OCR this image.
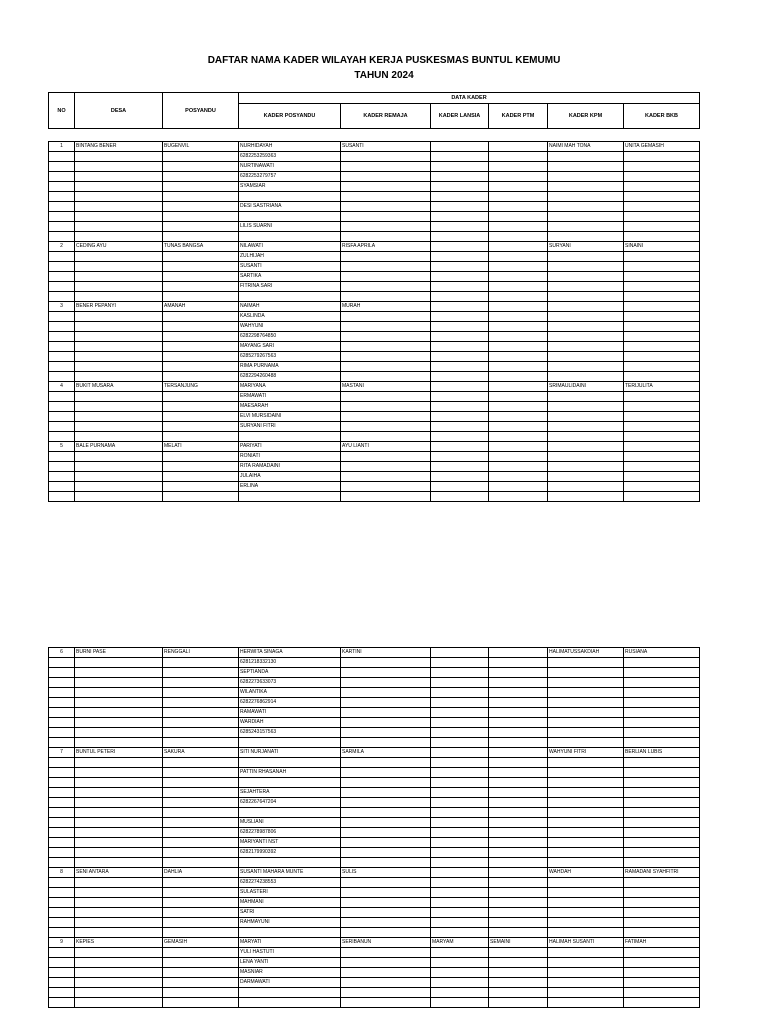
DAFTAR NAMA KADER WILAYAH KERJA PUSKESMAS BUNTUL KEMUMU
TAHUN 2024
NO	DESA	POSYANDU	DATA KADER					
			KADER POSYANDU	KADER REMAJA	KADER LANSIA	KADER PTM	KADER KPM	KADER BKB
1	BINTANG BENER	BUGENVIL	NURHIDAYAH	SUSANTI			NAIMI MAH TONA	UNITA GEMASIH
			6282253259363					
			NURTINAWATI					
			6282253279757					
			SYAMSIAR					

			DESI SASTRIANA					

			LILIS SUARNI					

2	CEDING AYU	TUNAS BANGSA	NILAWATI	RISFA APRILA			SURYANI	SINAINI
			ZULHIJAH					
			SUSANTI					
			SARTIKA					
			FITRINA SARI					

3	BENER PEPANYI	AMANAH	NAIMAH	MURAH				
			KASLINDA					
			WAHYUNI					
			6282298764850					
			MAYANG SARI					
			6285279267563					
			RIMA PURNAMA					
			6282294260488					
4	BUKIT MUSARA	TERSANJUNG	MARIYANA	MASTANI			SRIMAULIDAINI	TERIJULITA
			ERMAWATI					
			MAESARAH					
			ELVI MURSIDAINI					
			SURYANI FITRI					

5	BALE PURNAMA	MELATI	PARIYATI	AYU LIANTI				
			RONIATI					
			RITA RAMADAINI					
			JULAIHA					
			ERLINA					

6	BURNI PASE	RENGGALI	HERWITA SINAGA	KARTINI			HALIMATUSSAKDIAH	RUSIANA
			6281218332130					
			SEPTIANDA					
			6282273633073					
			WILANTIKA					
			6282276862914					
			RAMAWATI					
			WARDIAH					
			6285243157563					

7	BUNTUL PETERI	SAKURA	SITI NURJANATI	SARMILA			WAHYUNI FITRI	BERLIAN LUBIS

			PATTIN RHASANAH					

			SEJAHTERA					
			6282267647204					

			MUSLIANI					
			6282278987806					
			MARIYANTI NST					
			6282179990392					

8	SENI ANTARA	DAHLIA	SUSANTI MAHARA MUNTE	SULIS			WAHDAH	RAMADANI SYAHFITRI
			6282274238553					
			SULASTERI					
			MAHMANI					
			SATRI					
			RAHMAYUNI					

9	KEPIES	GEMASIH	MARYATI	SERIBANUN	MARYAM	SEMAINI	HALIMAH SUSANTI	FATIMAH
			YULI HASTUTI					
			LENA YANTI					
			MASNIAR					
			DARMAWATI					
